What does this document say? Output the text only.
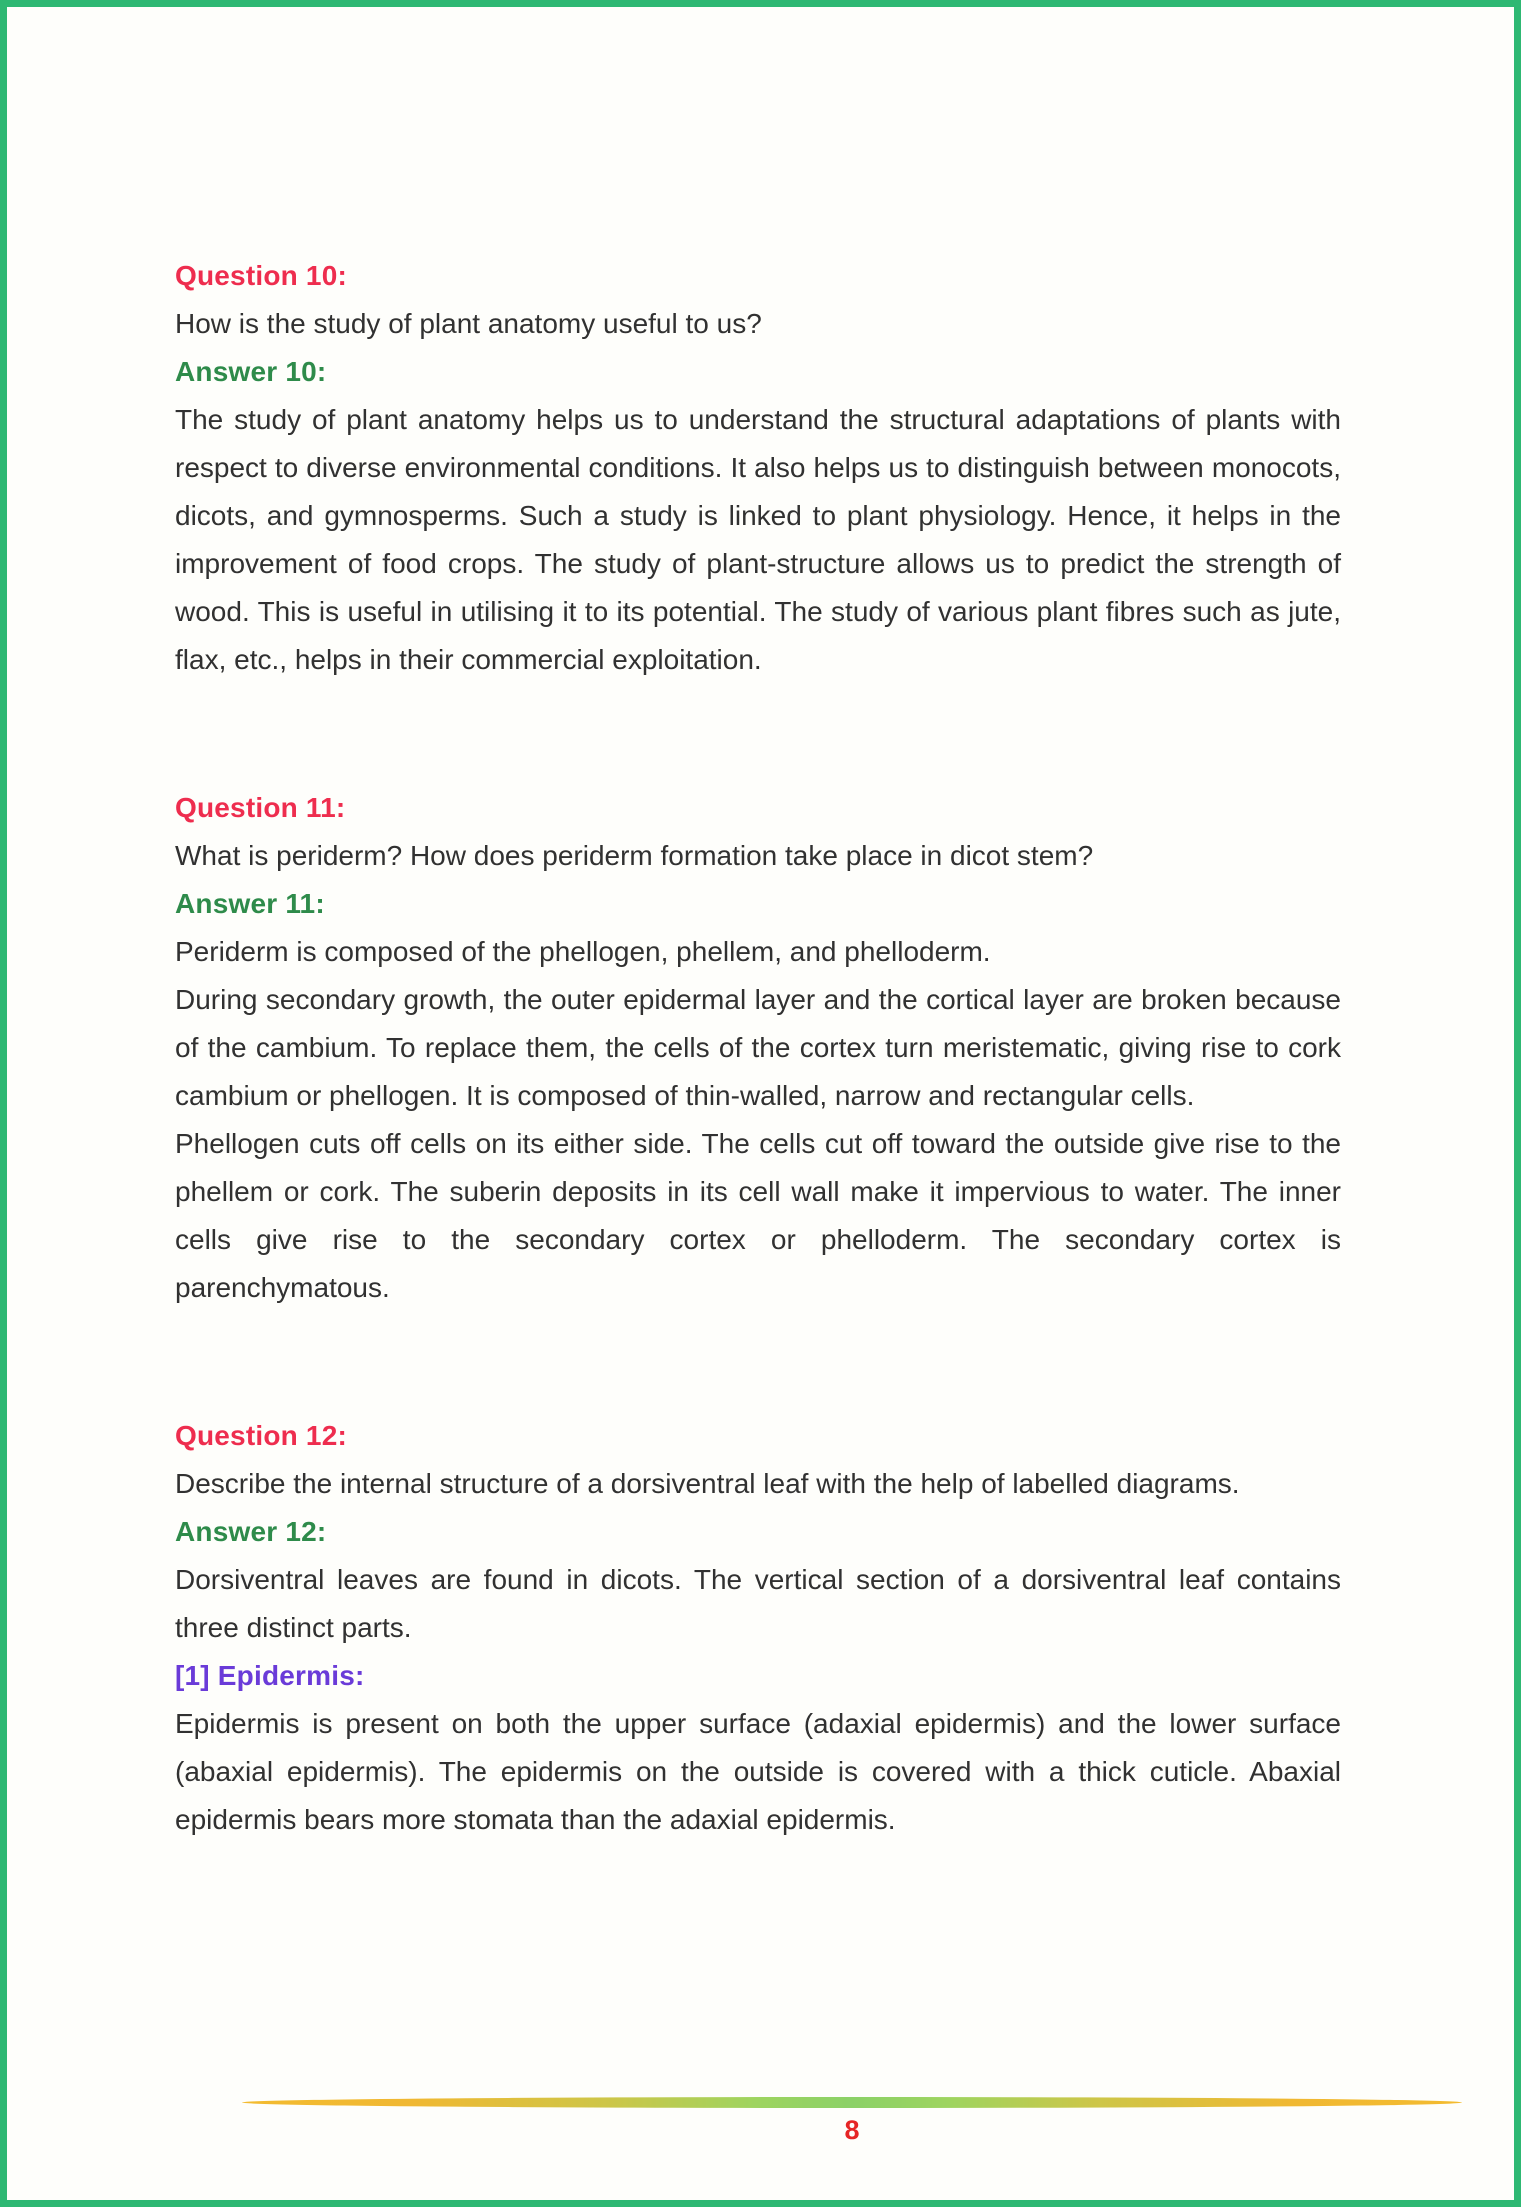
Question 10:

How is the study of plant anatomy useful to us?

Answer 10:

The study of plant anatomy helps us to understand the structural adaptations of plants with respect to diverse environmental conditions. It also helps us to distinguish between monocots, dicots, and gymnosperms. Such a study is linked to plant physiology. Hence, it helps in the improvement of food crops. The study of plant-structure allows us to predict the strength of wood. This is useful in utilising it to its potential. The study of various plant fibres such as jute, flax, etc., helps in their commercial exploitation.

Question 11:

What is periderm? How does periderm formation take place in dicot stem?

Answer 11:

Periderm is composed of the phellogen, phellem, and phelloderm.

During secondary growth, the outer epidermal layer and the cortical layer are broken because of the cambium. To replace them, the cells of the cortex turn meristematic, giving rise to cork cambium or phellogen. It is composed of thin-walled, narrow and rectangular cells.

Phellogen cuts off cells on its either side. The cells cut off toward the outside give rise to the phellem or cork. The suberin deposits in its cell wall make it impervious to water. The inner cells give rise to the secondary cortex or phelloderm. The secondary cortex is parenchymatous.

Question 12:

Describe the internal structure of a dorsiventral leaf with the help of labelled diagrams.

Answer 12:

Dorsiventral leaves are found in dicots. The vertical section of a dorsiventral leaf contains three distinct parts.

[1] Epidermis:

Epidermis is present on both the upper surface (adaxial epidermis) and the lower surface (abaxial epidermis). The epidermis on the outside is covered with a thick cuticle. Abaxial epidermis bears more stomata than the adaxial epidermis.

8
